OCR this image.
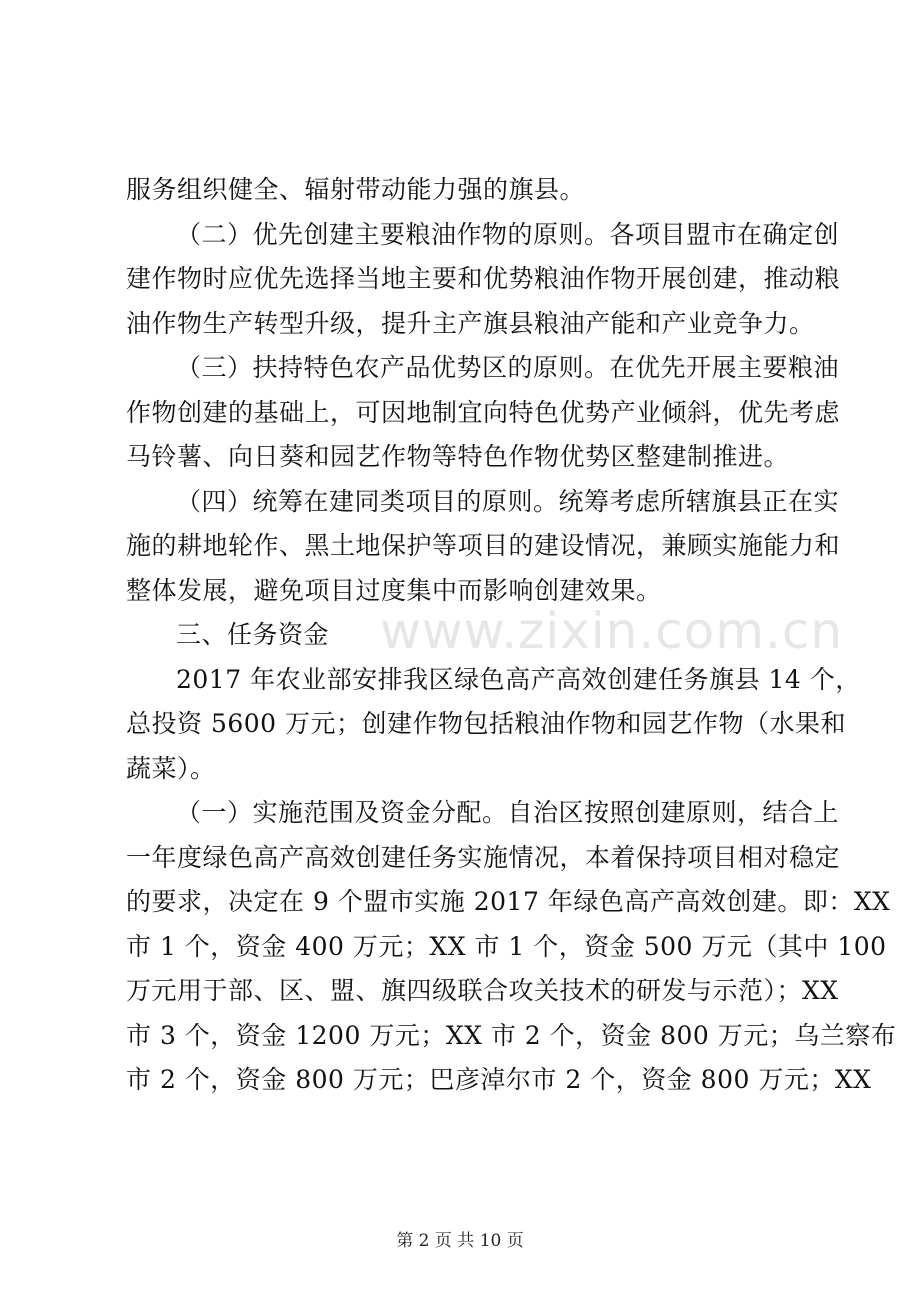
服务组织健全、辐射带动能力强的旗县。
（二）优先创建主要粮油作物的原则。各项目盟市在确定创
建作物时应优先选择当地主要和优势粮油作物开展创建，推动粮
油作物生产转型升级，提升主产旗县粮油产能和产业竞争力。
（三）扶持特色农产品优势区的原则。在优先开展主要粮油
作物创建的基础上，可因地制宜向特色优势产业倾斜，优先考虑
马铃薯、向日葵和园艺作物等特色作物优势区整建制推进。
（四）统筹在建同类项目的原则。统筹考虑所辖旗县正在实
施的耕地轮作、黑土地保护等项目的建设情况，兼顾实施能力和
整体发展，避免项目过度集中而影响创建效果。
三、任务资金
2017 年农业部安排我区绿色高产高效创建任务旗县 14 个，
总投资 5600 万元；创建作物包括粮油作物和园艺作物（水果和
蔬菜）。
（一）实施范围及资金分配。自治区按照创建原则，结合上
一年度绿色高产高效创建任务实施情况，本着保持项目相对稳定
的要求，决定在 9 个盟市实施 2017 年绿色高产高效创建。即：XX
市 1 个，资金 400 万元；XX 市 1 个，资金 500 万元（其中 100
万元用于部、区、盟、旗四级联合攻关技术的研发与示范）；XX
市 3 个，资金 1200 万元；XX 市 2 个，资金 800 万元；乌兰察布
市 2 个，资金 800 万元；巴彦淖尔市 2 个，资金 800 万元；XX
www.zixin.com.cn
第 2 页 共 10 页
